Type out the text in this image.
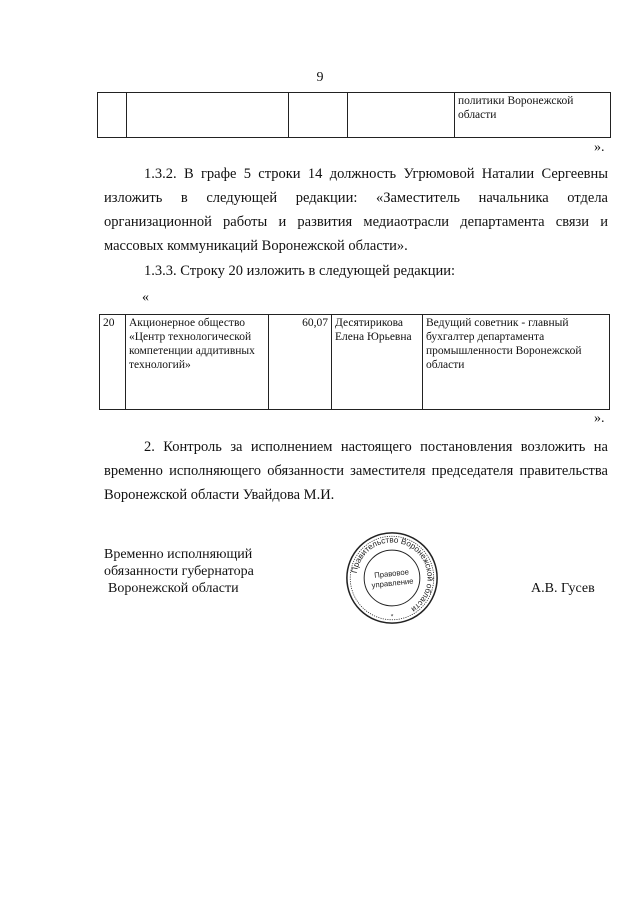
9
				политики Воронежской области
».

1.3.2. В графе 5 строки 14 должность Угрюмовой Наталии Сергеевны изложить в следующей редакции: «Заместитель начальника отдела организационной работы и развития медиаотрасли департамента связи и массовых коммуникаций Воронежской области».

1.3.3. Строку 20 изложить в следующей редакции:

«
20	Акционерное общество «Центр технологической компетенции аддитивных технологий»	60,07	Десятирикова Елена Юрьевна	Ведущий советник - главный бухгалтер департамента промышленности Воронежской области
».

2. Контроль за исполнением настоящего постановления возложить на временно исполняющего обязанности заместителя председателя правительства Воронежской области Увайдова М.И.

Временно исполняющий
обязанности губернатора
Воронежской области
Правительство Воронежской области
Правовое
управление
*
А.В. Гусев
